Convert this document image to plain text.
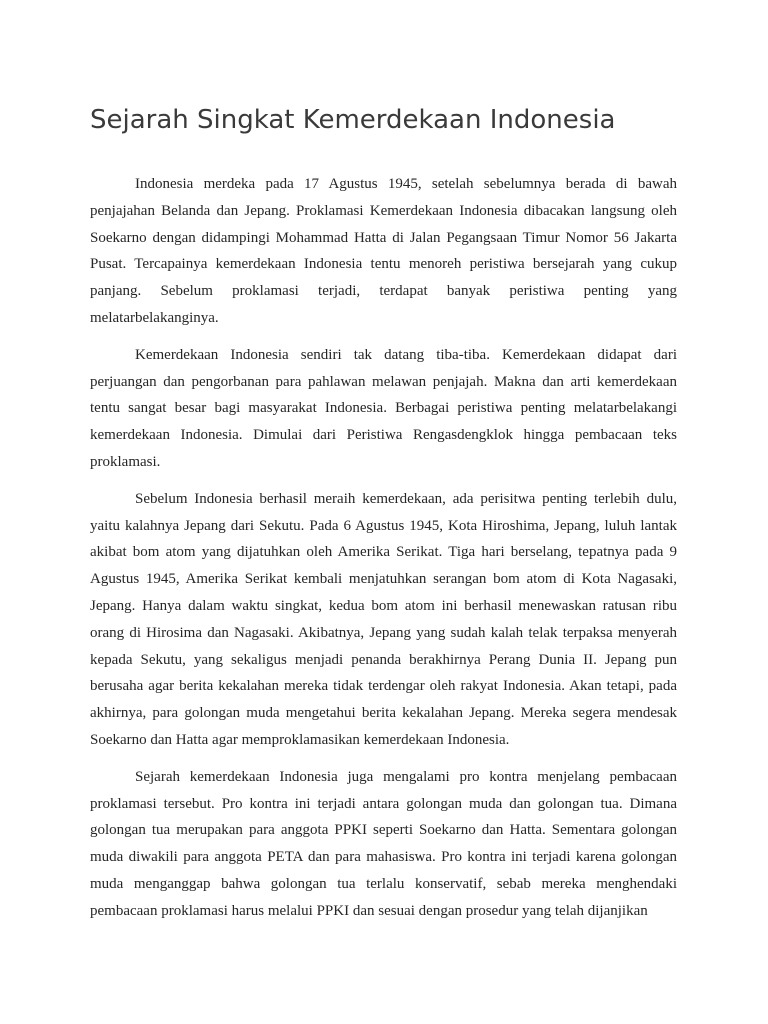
Sejarah Singkat Kemerdekaan Indonesia

Indonesia merdeka pada 17 Agustus 1945, setelah sebelumnya berada di bawah penjajahan Belanda dan Jepang. Proklamasi Kemerdekaan Indonesia dibacakan langsung oleh Soekarno dengan didampingi Mohammad Hatta di Jalan Pegangsaan Timur Nomor 56 Jakarta Pusat. Tercapainya kemerdekaan Indonesia tentu menoreh peristiwa bersejarah yang cukup panjang. Sebelum proklamasi terjadi, terdapat banyak peristiwa penting yang melatarbelakanginya.

Kemerdekaan Indonesia sendiri tak datang tiba-tiba. Kemerdekaan didapat dari perjuangan dan pengorbanan para pahlawan melawan penjajah. Makna dan arti kemerdekaan tentu sangat besar bagi masyarakat Indonesia. Berbagai peristiwa penting melatarbelakangi kemerdekaan Indonesia. Dimulai dari Peristiwa Rengasdengklok hingga pembacaan teks proklamasi.

Sebelum Indonesia berhasil meraih kemerdekaan, ada perisitwa penting terlebih dulu, yaitu kalahnya Jepang dari Sekutu. Pada 6 Agustus 1945, Kota Hiroshima, Jepang, luluh lantak akibat bom atom yang dijatuhkan oleh Amerika Serikat. Tiga hari berselang, tepatnya pada 9 Agustus 1945, Amerika Serikat kembali menjatuhkan serangan bom atom di Kota Nagasaki, Jepang. Hanya dalam waktu singkat, kedua bom atom ini berhasil menewaskan ratusan ribu orang di Hirosima dan Nagasaki. Akibatnya, Jepang yang sudah kalah telak terpaksa menyerah kepada Sekutu, yang sekaligus menjadi penanda berakhirnya Perang Dunia II. Jepang pun berusaha agar berita kekalahan mereka tidak terdengar oleh rakyat Indonesia. Akan tetapi, pada akhirnya, para golongan muda mengetahui berita kekalahan Jepang. Mereka segera mendesak Soekarno dan Hatta agar memproklamasikan kemerdekaan Indonesia.

Sejarah kemerdekaan Indonesia juga mengalami pro kontra menjelang pembacaan proklamasi tersebut. Pro kontra ini terjadi antara golongan muda dan golongan tua. Dimana golongan tua merupakan para anggota PPKI seperti Soekarno dan Hatta. Sementara golongan muda diwakili para anggota PETA dan para mahasiswa. Pro kontra ini terjadi karena golongan muda menganggap bahwa golongan tua terlalu konservatif, sebab mereka menghendaki pembacaan proklamasi harus melalui PPKI dan sesuai dengan prosedur yang telah dijanjikan
